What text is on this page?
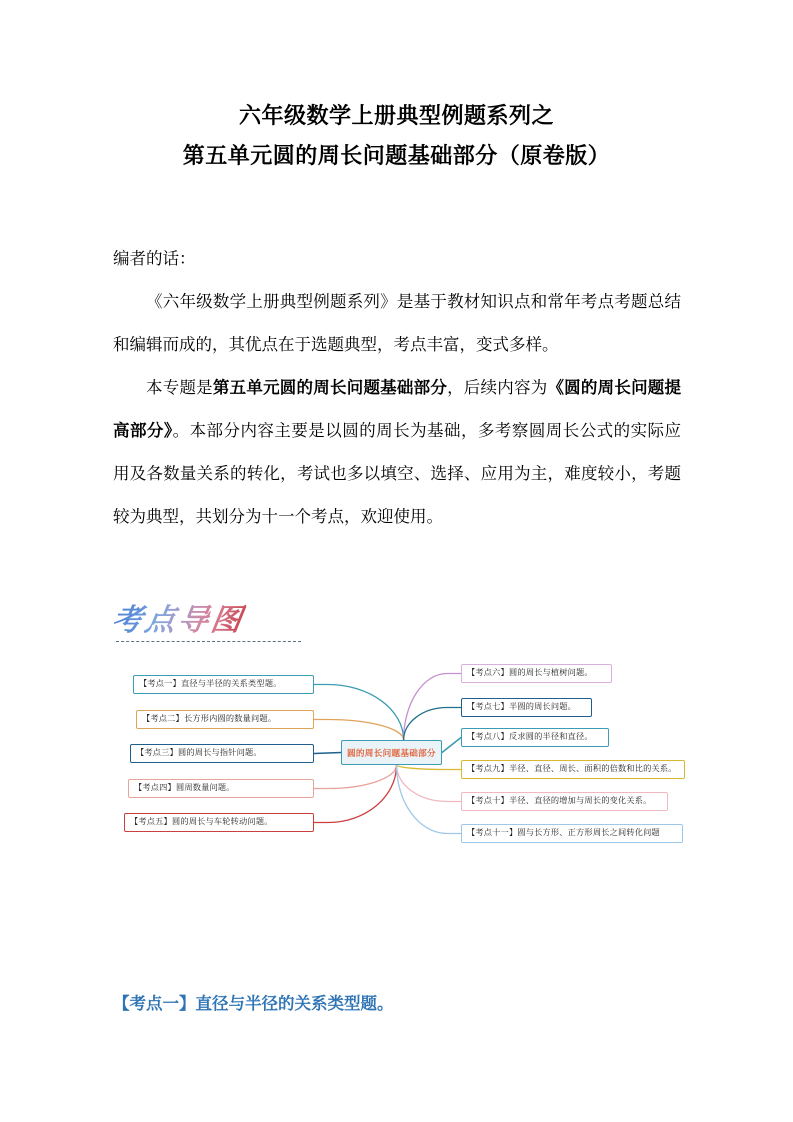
六年级数学上册典型例题系列之
第五单元圆的周长问题基础部分（原卷版）

编者的话：

《六年级数学上册典型例题系列》是基于教材知识点和常年考点考题总结和编辑而成的，其优点在于选题典型，考点丰富，变式多样。

本专题是第五单元圆的周长问题基础部分，后续内容为《圆的周长问题提高部分》。本部分内容主要是以圆的周长为基础，多考察圆周长公式的实际应用及各数量关系的转化，考试也多以填空、选择、应用为主，难度较小，考题较为典型，共划分为十一个考点，欢迎使用。

考点导图
圆的周长问题基础部分
【考点一】直径与半径的关系类型题。
【考点二】长方形内圆的数量问题。
【考点三】圆的周长与指针问题。
【考点四】圆周数量问题。
【考点五】圆的周长与车轮转动问题。
【考点六】圆的周长与植树问题。
【考点七】半圆的周长问题。
【考点八】反求圆的半径和直径。
【考点九】半径、直径、周长、面积的倍数和比的关系。
【考点十】半径、直径的增加与周长的变化关系。
【考点十一】圆与长方形、正方形周长之间转化问题
【考点一】直径与半径的关系类型题。
